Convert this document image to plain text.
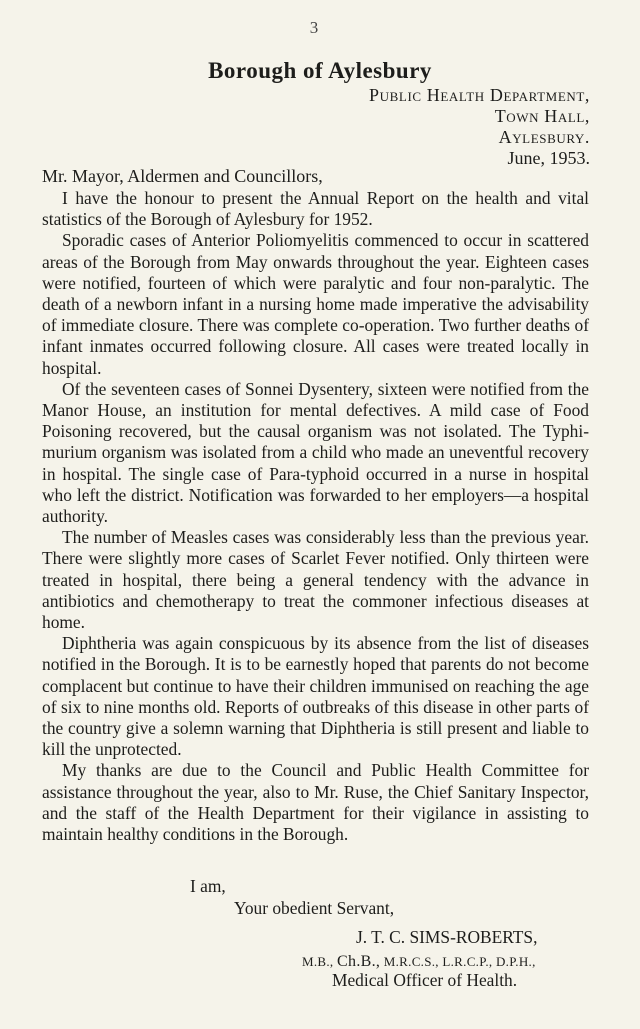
3
Borough of Aylesbury
Public Health Department,
Town Hall,
Aylesbury.
June, 1953.
Mr. Mayor, Aldermen and Councillors,

I have the honour to present the Annual Report on the health and vital statistics of the Borough of Aylesbury for 1952.

Sporadic cases of Anterior Poliomyelitis commenced to occur in scattered areas of the Borough from May onwards throughout the year. Eighteen cases were notified, fourteen of which were paralytic and four non-paralytic. The death of a newborn infant in a nursing home made imperative the advisability of immediate closure. There was complete co-operation. Two further deaths of infant inmates occurred following closure. All cases were treated locally in hospital.

Of the seventeen cases of Sonnei Dysentery, sixteen were notified from the Manor House, an institution for mental defectives. A mild case of Food Poisoning recovered, but the causal organism was not isolated. The Typhi-murium organism was isolated from a child who made an uneventful recovery in hospital. The single case of Para-typhoid occurred in a nurse in hospital who left the district. Notification was forwarded to her employers—a hospital authority.

The number of Measles cases was considerably less than the previous year. There were slightly more cases of Scarlet Fever notified. Only thirteen were treated in hospital, there being a general tendency with the advance in antibiotics and chemotherapy to treat the commoner infectious diseases at home.

Diphtheria was again conspicuous by its absence from the list of diseases notified in the Borough. It is to be earnestly hoped that parents do not become complacent but continue to have their children immunised on reaching the age of six to nine months old. Reports of outbreaks of this disease in other parts of the country give a solemn warning that Diphtheria is still present and liable to kill the unprotected.

My thanks are due to the Council and Public Health Committee for assistance throughout the year, also to Mr. Ruse, the Chief Sanitary Inspector, and the staff of the Health Department for their vigilance in assisting to maintain healthy conditions in the Borough.

I am,
Your obedient Servant,
J. T. C. SIMS-ROBERTS,
M.B., Ch.B., M.R.C.S., L.R.C.P., D.P.H.,
Medical Officer of Health.
